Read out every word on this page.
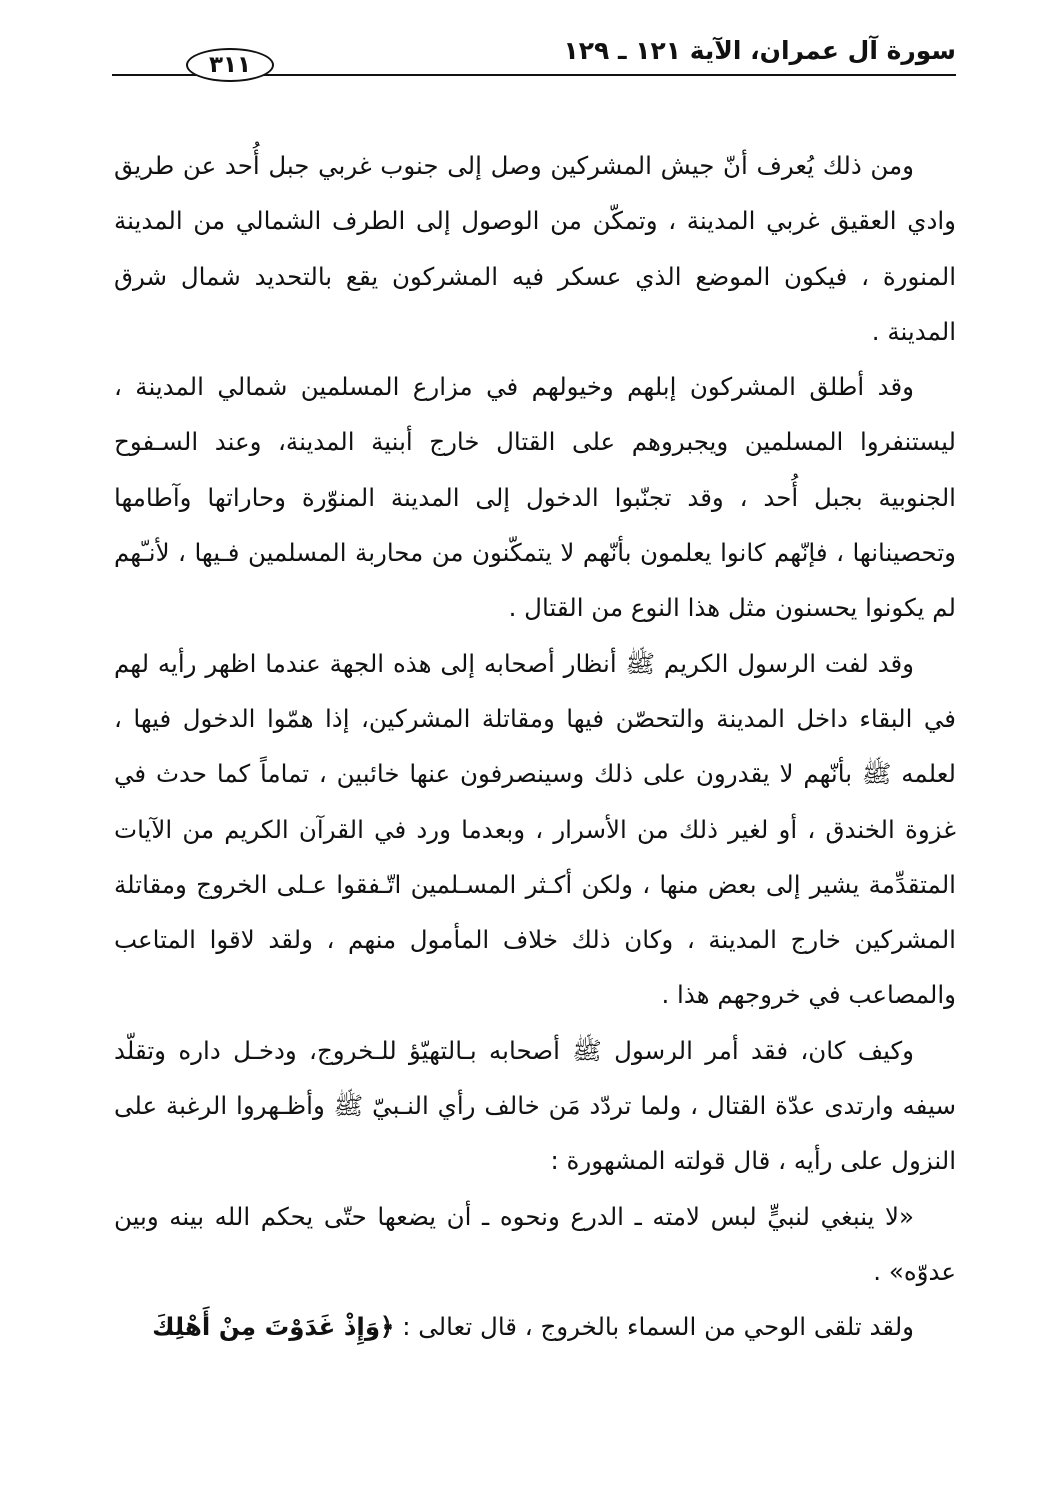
سورة آل عمران، الآية ١٢١ ـ ١٢٩
٣١١

ومن ذلك يُعرف أنّ جيش المشركين وصل إلى جنوب غربي جبل أُحد عن طريق وادي العقيق غربي المدينة ، وتمكّن من الوصول إلى الطرف الشمالي من المدينة المنورة ، فيكون الموضع الذي عسكر فيه المشركون يقع بالتحديد شمال شرق المدينة .

وقد أطلق المشركون إبلهم وخيولهم في مزارع المسلمين شمالي المدينة ، ليستنفروا المسلمين ويجبروهم على القتال خارج أبنية المدينة، وعند السـفوح الجنوبية بجبل أُحد ، وقد تجنّبوا الدخول إلى المدينة المنوّرة وحاراتها وآطامها وتحصينانها ، فإنّهم كانوا يعلمون بأنّهم لا يتمكّنون من محاربة المسلمين فـيها ، لأنـّهم لم يكونوا يحسنون مثل هذا النوع من القتال .

وقد لفت الرسول الكريم ﷺ أنظار أصحابه إلى هذه الجهة عندما اظهر رأيه لهم في البقاء داخل المدينة والتحصّن فيها ومقاتلة المشركين، إذا همّوا الدخول فيها ، لعلمه ﷺ بأنّهم لا يقدرون على ذلك وسينصرفون عنها خائبين ، تماماً كما حدث في غزوة الخندق ، أو لغير ذلك من الأسرار ، وبعدما ورد في القرآن الكريم من الآيات المتقدِّمة يشير إلى بعض منها ، ولكن أكـثر المسـلمين اتّـفقوا عـلى الخروج ومقاتلة المشركين خارج المدينة ، وكان ذلك خلاف المأمول منهم ، ولقد لاقوا المتاعب والمصاعب في خروجهم هذا .

وكيف كان، فقد أمر الرسول ﷺ أصحابه بـالتهيّؤ للـخروج، ودخـل داره وتقلّد سيفه وارتدى عدّة القتال ، ولما تردّد مَن خالف رأي النـبيّ ﷺ وأظـهروا الرغبة على النزول على رأيه ، قال قولته المشهورة :

«لا ينبغي لنبيٍّ لبس لامته ـ الدرع ونحوه ـ أن يضعها حتّى يحكم الله بينه وبين عدوّه» .

ولقد تلقى الوحي من السماء بالخروج ، قال تعالى : ﴿وَإِذْ غَدَوْتَ مِنْ أَهْلِكَ
